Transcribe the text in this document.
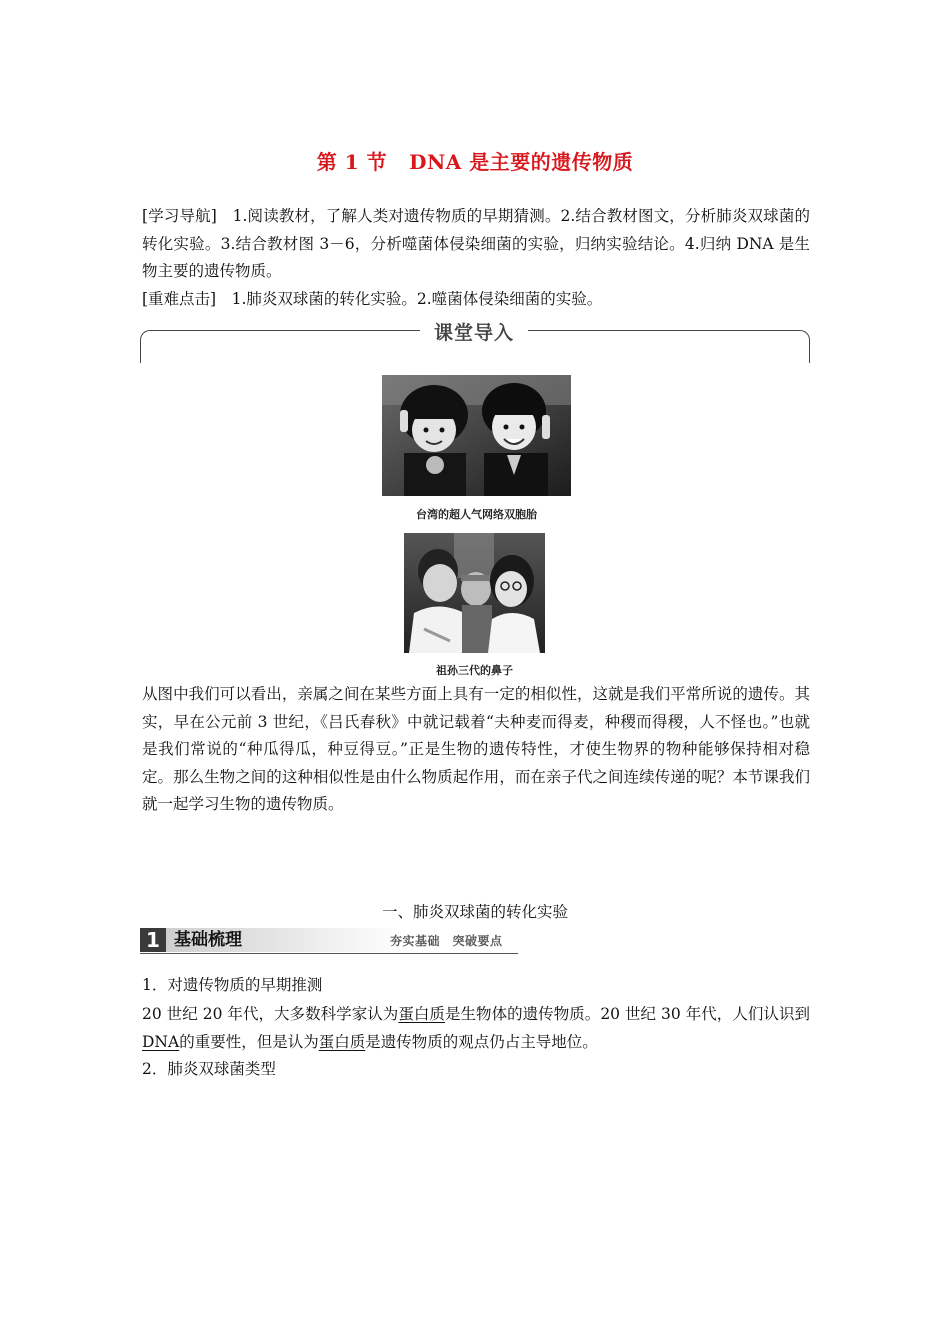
第 1 节 DNA 是主要的遗传物质
[学习导航]　1.阅读教材，了解人类对遗传物质的早期猜测。2.结合教材图文，分析肺炎双球菌的转化实验。3.结合教材图 3－6，分析噬菌体侵染细菌的实验，归纳实验结论。4.归纳 DNA 是生物主要的遗传物质。
[重难点击]　1.肺炎双球菌的转化实验。2.噬菌体侵染细菌的实验。
课堂导入
台湾的超人气网络双胞胎
祖孙三代的鼻子
从图中我们可以看出，亲属之间在某些方面上具有一定的相似性，这就是我们平常所说的遗传。其实，早在公元前 3 世纪，《吕氏春秋》中就记载着“夫种麦而得麦，种稷而得稷，人不怪也。”也就是我们常说的“种瓜得瓜，种豆得豆。”正是生物的遗传特性，才使生物界的物种能够保持相对稳定。那么生物之间的这种相似性是由什么物质起作用，而在亲子代之间连续传递的呢？本节课我们就一起学习生物的遗传物质。
一、肺炎双球菌的转化实验
1 基础梳理	夯实基础　突破要点
1．对遗传物质的早期推测
20 世纪 20 年代，大多数科学家认为蛋白质是生物体的遗传物质。20 世纪 30 年代，人们认识到DNA的重要性，但是认为蛋白质是遗传物质的观点仍占主导地位。
2．肺炎双球菌类型
